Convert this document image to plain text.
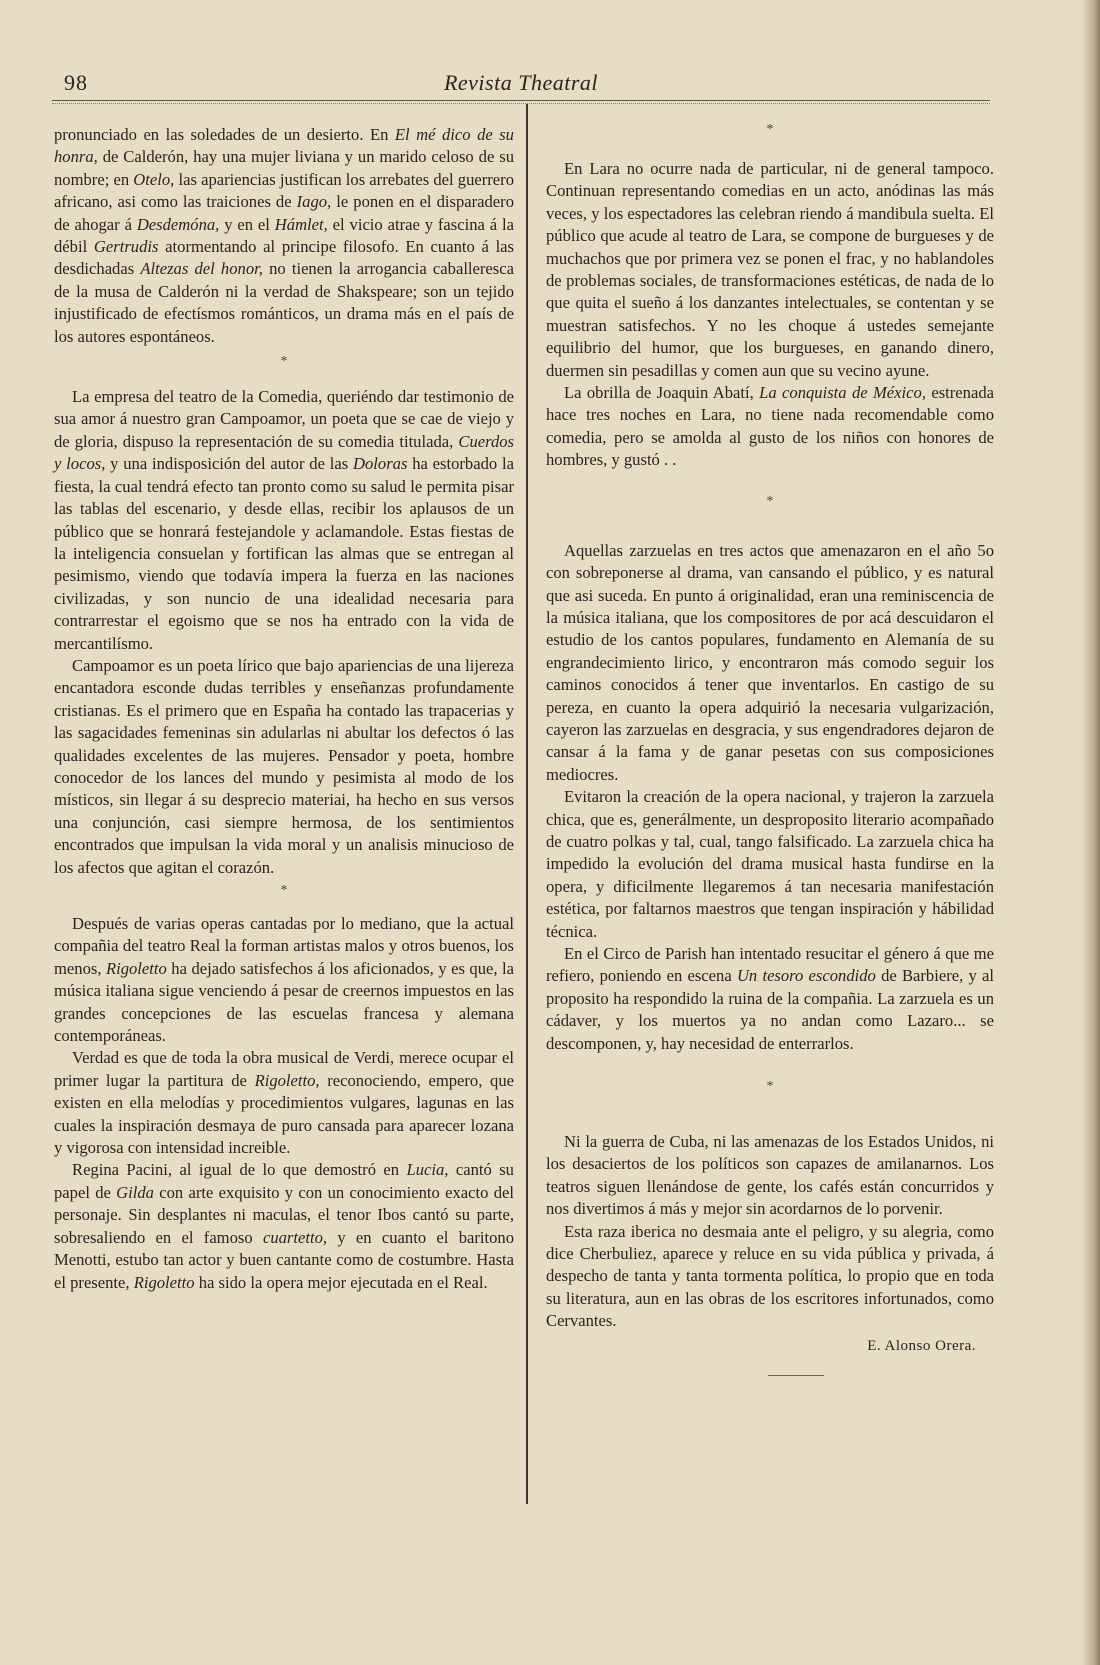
98	Revista Theatral

pronunciado en las soledades de un desierto. En El mé dico de su honra, de Calderón, hay una mujer liviana y un marido celoso de su nombre; en Otelo, las apariencias justifican los arrebates del guerrero africano, asi como las traiciones de Iago, le ponen en el disparadero de ahogar á Desdemóna, y en el Hámlet, el vicio atrae y fascina á la débil Gertrudis atormentando al principe filosofo. En cuanto á las desdichadas Altezas del honor, no tienen la arrogancia caballeresca de la musa de Calderón ni la verdad de Shakspeare; son un tejido injustificado de efectísmos románticos, un drama más en el país de los autores espontáneos.

*

La empresa del teatro de la Comedia, queriéndo dar testimonio de sua amor á nuestro gran Campoamor, un poeta que se cae de viejo y de gloria, dispuso la representación de su comedia titulada, Cuerdos y locos, y una indisposición del autor de las Doloras ha estorbado la fiesta, la cual tendrá efecto tan pronto como su salud le permita pisar las tablas del escenario, y desde ellas, recibir los aplausos de un público que se honrará festejandole y aclamandole. Estas fiestas de la inteligencia consuelan y fortifican las almas que se entregan al pesimismo, viendo que todavía impera la fuerza en las naciones civilizadas, y son nuncio de una idealidad necesaria para contrarrestar el egoismo que se nos ha entrado con la vida de mercantilísmo.

Campoamor es un poeta lírico que bajo apariencias de una lijereza encantadora esconde dudas terribles y enseñanzas profundamente cristianas. Es el primero que en España ha contado las trapacerias y las sagacidades femeninas sin adularlas ni abultar los defectos ó las qualidades excelentes de las mujeres. Pensador y poeta, hombre conocedor de los lances del mundo y pesimista al modo de los místicos, sin llegar á su desprecio materiai, ha hecho en sus versos una conjunción, casi siempre hermosa, de los sentimientos encontrados que impulsan la vida moral y un analisis minucioso de los afectos que agitan el corazón.

*

Después de varias operas cantadas por lo mediano, que la actual compañia del teatro Real la forman artistas malos y otros buenos, los menos, Rigoletto ha dejado satisfechos á los aficionados, y es que, la música italiana sigue venciendo á pesar de creernos impuestos en las grandes concepciones de las escuelas francesa y alemana contemporáneas.

Verdad es que de toda la obra musical de Verdi, merece ocupar el primer lugar la partitura de Rigoletto, reconociendo, empero, que existen en ella melodías y procedimientos vulgares, lagunas en las cuales la inspiración desmaya de puro cansada para aparecer lozana y vigorosa con intensidad increible.

Regina Pacini, al igual de lo que demostró en Lucia, cantó su papel de Gilda con arte exquisito y con un conocimiento exacto del personaje. Sin desplantes ni maculas, el tenor Ibos cantó su parte, sobresaliendo en el famoso cuartetto, y en cuanto el baritono Menotti, estubo tan actor y buen cantante como de costumbre. Hasta el presente, Rigoletto ha sido la opera mejor ejecutada en el Real.

*

En Lara no ocurre nada de particular, ni de general tampoco. Continuan representando comedias en un acto, anódinas las más veces, y los espectadores las celebran riendo á mandibula suelta. El público que acude al teatro de Lara, se compone de burgueses y de muchachos que por primera vez se ponen el frac, y no hablandoles de problemas sociales, de transformaciones estéticas, de nada de lo que quita el sueño á los danzantes intelectuales, se contentan y se muestran satisfechos. Y no les choque á ustedes semejante equilibrio del humor, que los burgueses, en ganando dinero, duermen sin pesadillas y comen aun que su vecino ayune.

La obrilla de Joaquin Abatí, La conquista de México, estrenada hace tres noches en Lara, no tiene nada recomendable como comedia, pero se amolda al gusto de los niños con honores de hombres, y gustó . .

*

Aquellas zarzuelas en tres actos que amenazaron en el año 5o con sobreponerse al drama, van cansando el público, y es natural que asi suceda. En punto á originalidad, eran una reminiscencia de la música italiana, que los compositores de por acá descuidaron el estudio de los cantos populares, fundamento en Alemanía de su engrandecimiento lirico, y encontraron más comodo seguir los caminos conocidos á tener que inventarlos. En castigo de su pereza, en cuanto la opera adquirió la necesaria vulgarización, cayeron las zarzuelas en desgracia, y sus engendradores dejaron de cansar á la fama y de ganar pesetas con sus composiciones mediocres.

Evitaron la creación de la opera nacional, y trajeron la zarzuela chica, que es, generálmente, un desproposito literario acompañado de cuatro polkas y tal, cual, tango falsificado. La zarzuela chica ha impedido la evolución del drama musical hasta fundirse en la opera, y dificilmente llegaremos á tan necesaria manifestación estética, por faltarnos maestros que tengan inspiración y hábilidad técnica.

En el Circo de Parish han intentado resucitar el género á que me refiero, poniendo en escena Un tesoro escondido de Barbiere, y al proposito ha respondido la ruina de la compañia. La zarzuela es un cádaver, y los muertos ya no andan como Lazaro... se descomponen, y, hay necesidad de enterrarlos.

*

Ni la guerra de Cuba, ni las amenazas de los Estados Unidos, ni los desaciertos de los políticos son capazes de amilanarnos. Los teatros siguen llenándose de gente, los cafés están concurridos y nos divertimos á más y mejor sin acordarnos de lo porvenir.

Esta raza iberica no desmaia ante el peligro, y su alegria, como dice Cherbuliez, aparece y reluce en su vida pública y privada, á despecho de tanta y tanta tormenta política, lo propio que en toda su literatura, aun en las obras de los escritores infortunados, como Cervantes.

E. Alonso Orera.
